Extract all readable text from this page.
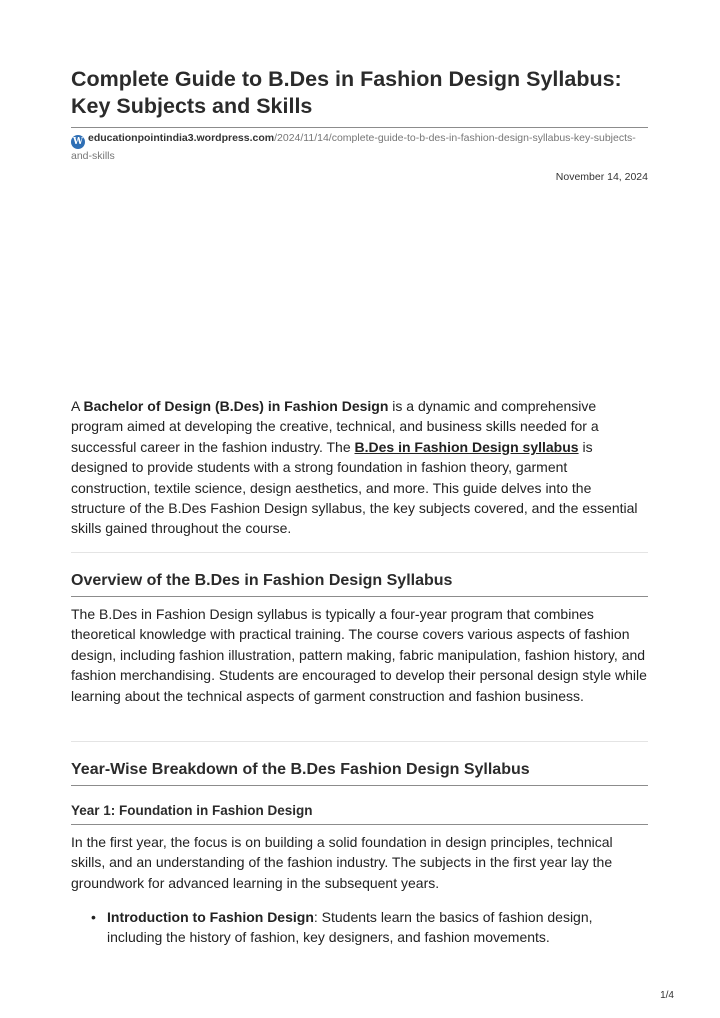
Complete Guide to B.Des in Fashion Design Syllabus: Key Subjects and Skills
W educationpointindia3.wordpress.com/2024/11/14/complete-guide-to-b-des-in-fashion-design-syllabus-key-subjects-and-skills
November 14, 2024

A Bachelor of Design (B.Des) in Fashion Design is a dynamic and comprehensive program aimed at developing the creative, technical, and business skills needed for a successful career in the fashion industry. The B.Des in Fashion Design syllabus is designed to provide students with a strong foundation in fashion theory, garment construction, textile science, design aesthetics, and more. This guide delves into the structure of the B.Des Fashion Design syllabus, the key subjects covered, and the essential skills gained throughout the course.

Overview of the B.Des in Fashion Design Syllabus

The B.Des in Fashion Design syllabus is typically a four-year program that combines theoretical knowledge with practical training. The course covers various aspects of fashion design, including fashion illustration, pattern making, fabric manipulation, fashion history, and fashion merchandising. Students are encouraged to develop their personal design style while learning about the technical aspects of garment construction and fashion business.

Year-Wise Breakdown of the B.Des Fashion Design Syllabus
Year 1: Foundation in Fashion Design

In the first year, the focus is on building a solid foundation in design principles, technical skills, and an understanding of the fashion industry. The subjects in the first year lay the groundwork for advanced learning in the subsequent years.

• Introduction to Fashion Design: Students learn the basics of fashion design, including the history of fashion, key designers, and fashion movements.
1/4
